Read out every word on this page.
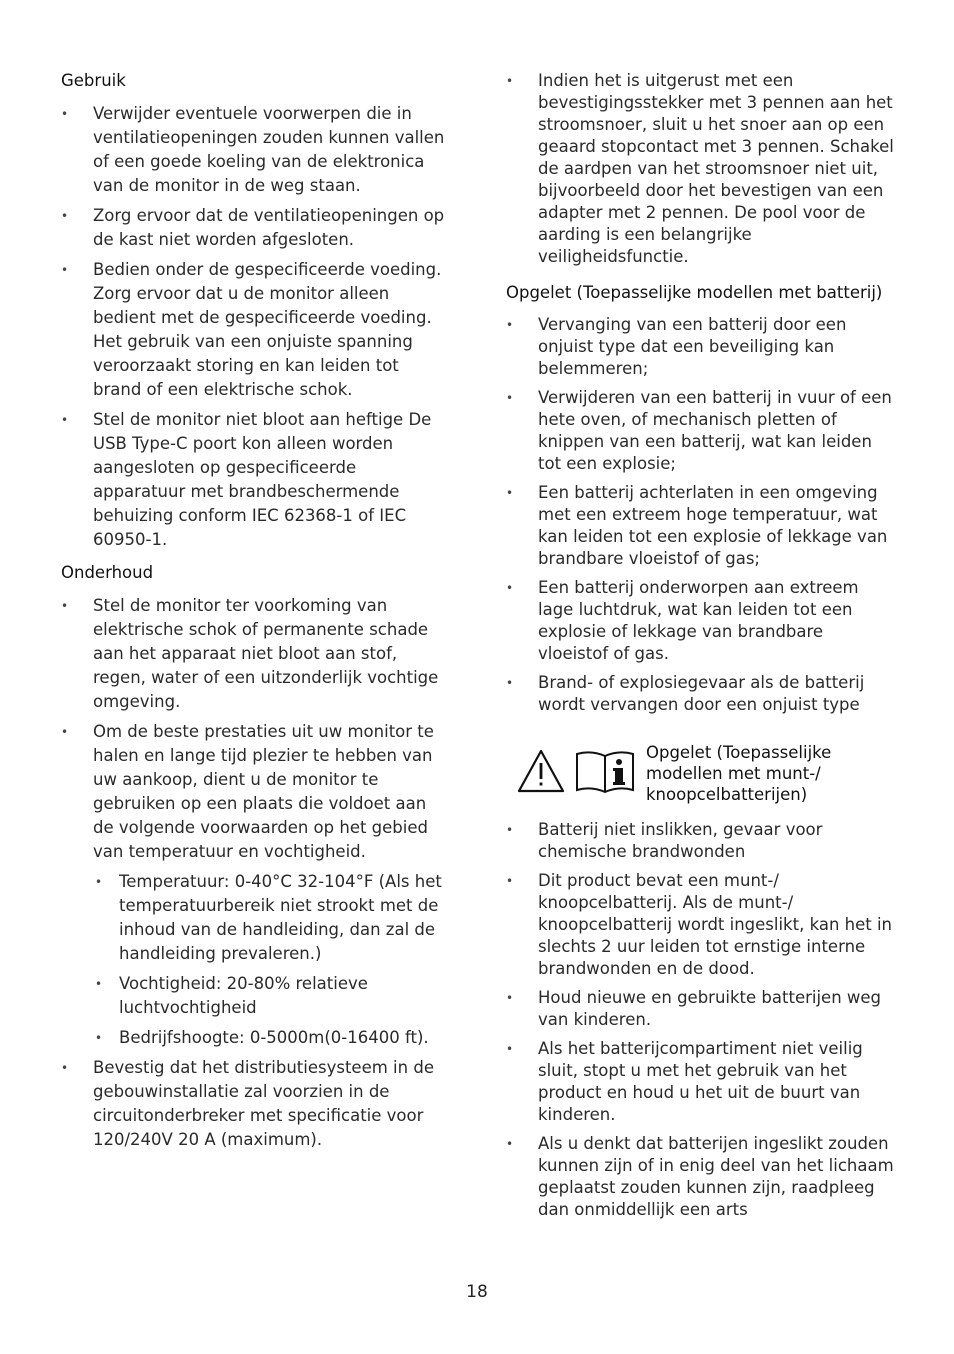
Gebruik
• Verwijder eventuele voorwerpen die in ventilatieopeningen zouden kunnen vallen of een goede koeling van de elektronica van de monitor in de weg staan.
• Zorg ervoor dat de ventilatieopeningen op de kast niet worden afgesloten.
• Bedien onder de gespecificeerde voeding. Zorg ervoor dat u de monitor alleen bedient met de gespecificeerde voeding. Het gebruik van een onjuiste spanning veroorzaakt storing en kan leiden tot brand of een elektrische schok.
• Stel de monitor niet bloot aan heftige De USB Type-C poort kon alleen worden aangesloten op gespecificeerde apparatuur met brandbeschermende behuizing conform IEC 62368-1 of IEC 60950-1.
Onderhoud
• Stel de monitor ter voorkoming van elektrische schok of permanente schade aan het apparaat niet bloot aan stof, regen, water of een uitzonderlijk vochtige omgeving.
• Om de beste prestaties uit uw monitor te halen en lange tijd plezier te hebben van uw aankoop, dient u de monitor te gebruiken op een plaats die voldoet aan de volgende voorwaarden op het gebied van temperatuur en vochtigheid.
• Temperatuur: 0-40°C 32-104°F (Als het temperatuurbereik niet strookt met de inhoud van de handleiding, dan zal de handleiding prevaleren.)
• Vochtigheid: 20-80% relatieve luchtvochtigheid
• Bedrijfshoogte: 0-5000m(0-16400 ft).
• Bevestig dat het distributiesysteem in de gebouwinstallatie zal voorzien in de circuitonderbreker met specificatie voor 120/240V 20 A (maximum).
• Indien het is uitgerust met een bevestigingsstekker met 3 pennen aan het stroomsnoer, sluit u het snoer aan op een geaard stopcontact met 3 pennen. Schakel de aardpen van het stroomsnoer niet uit, bijvoorbeeld door het bevestigen van een adapter met 2 pennen. De pool voor de aarding is een belangrijke veiligheidsfunctie.
Opgelet (Toepasselijke modellen met batterij)
• Vervanging van een batterij door een onjuist type dat een beveiliging kan belemmeren;
• Verwijderen van een batterij in vuur of een hete oven, of mechanisch pletten of knippen van een batterij, wat kan leiden tot een explosie;
• Een batterij achterlaten in een omgeving met een extreem hoge temperatuur, wat kan leiden tot een explosie of lekkage van brandbare vloeistof of gas;
• Een batterij onderworpen aan extreem lage luchtdruk, wat kan leiden tot een explosie of lekkage van brandbare vloeistof of gas.
• Brand- of explosiegevaar als de batterij wordt vervangen door een onjuist type
Opgelet (Toepasselijke modellen met munt-/ knoopcelbatterijen)
• Batterij niet inslikken, gevaar voor chemische brandwonden
• Dit product bevat een munt-/ knoopcelbatterij. Als de munt-/ knoopcelbatterij wordt ingeslikt, kan het in slechts 2 uur leiden tot ernstige interne brandwonden en de dood.
• Houd nieuwe en gebruikte batterijen weg van kinderen.
• Als het batterijcompartiment niet veilig sluit, stopt u met het gebruik van het product en houd u het uit de buurt van kinderen.
• Als u denkt dat batterijen ingeslikt zouden kunnen zijn of in enig deel van het lichaam geplaatst zouden kunnen zijn, raadpleeg dan onmiddellijk een arts
18
